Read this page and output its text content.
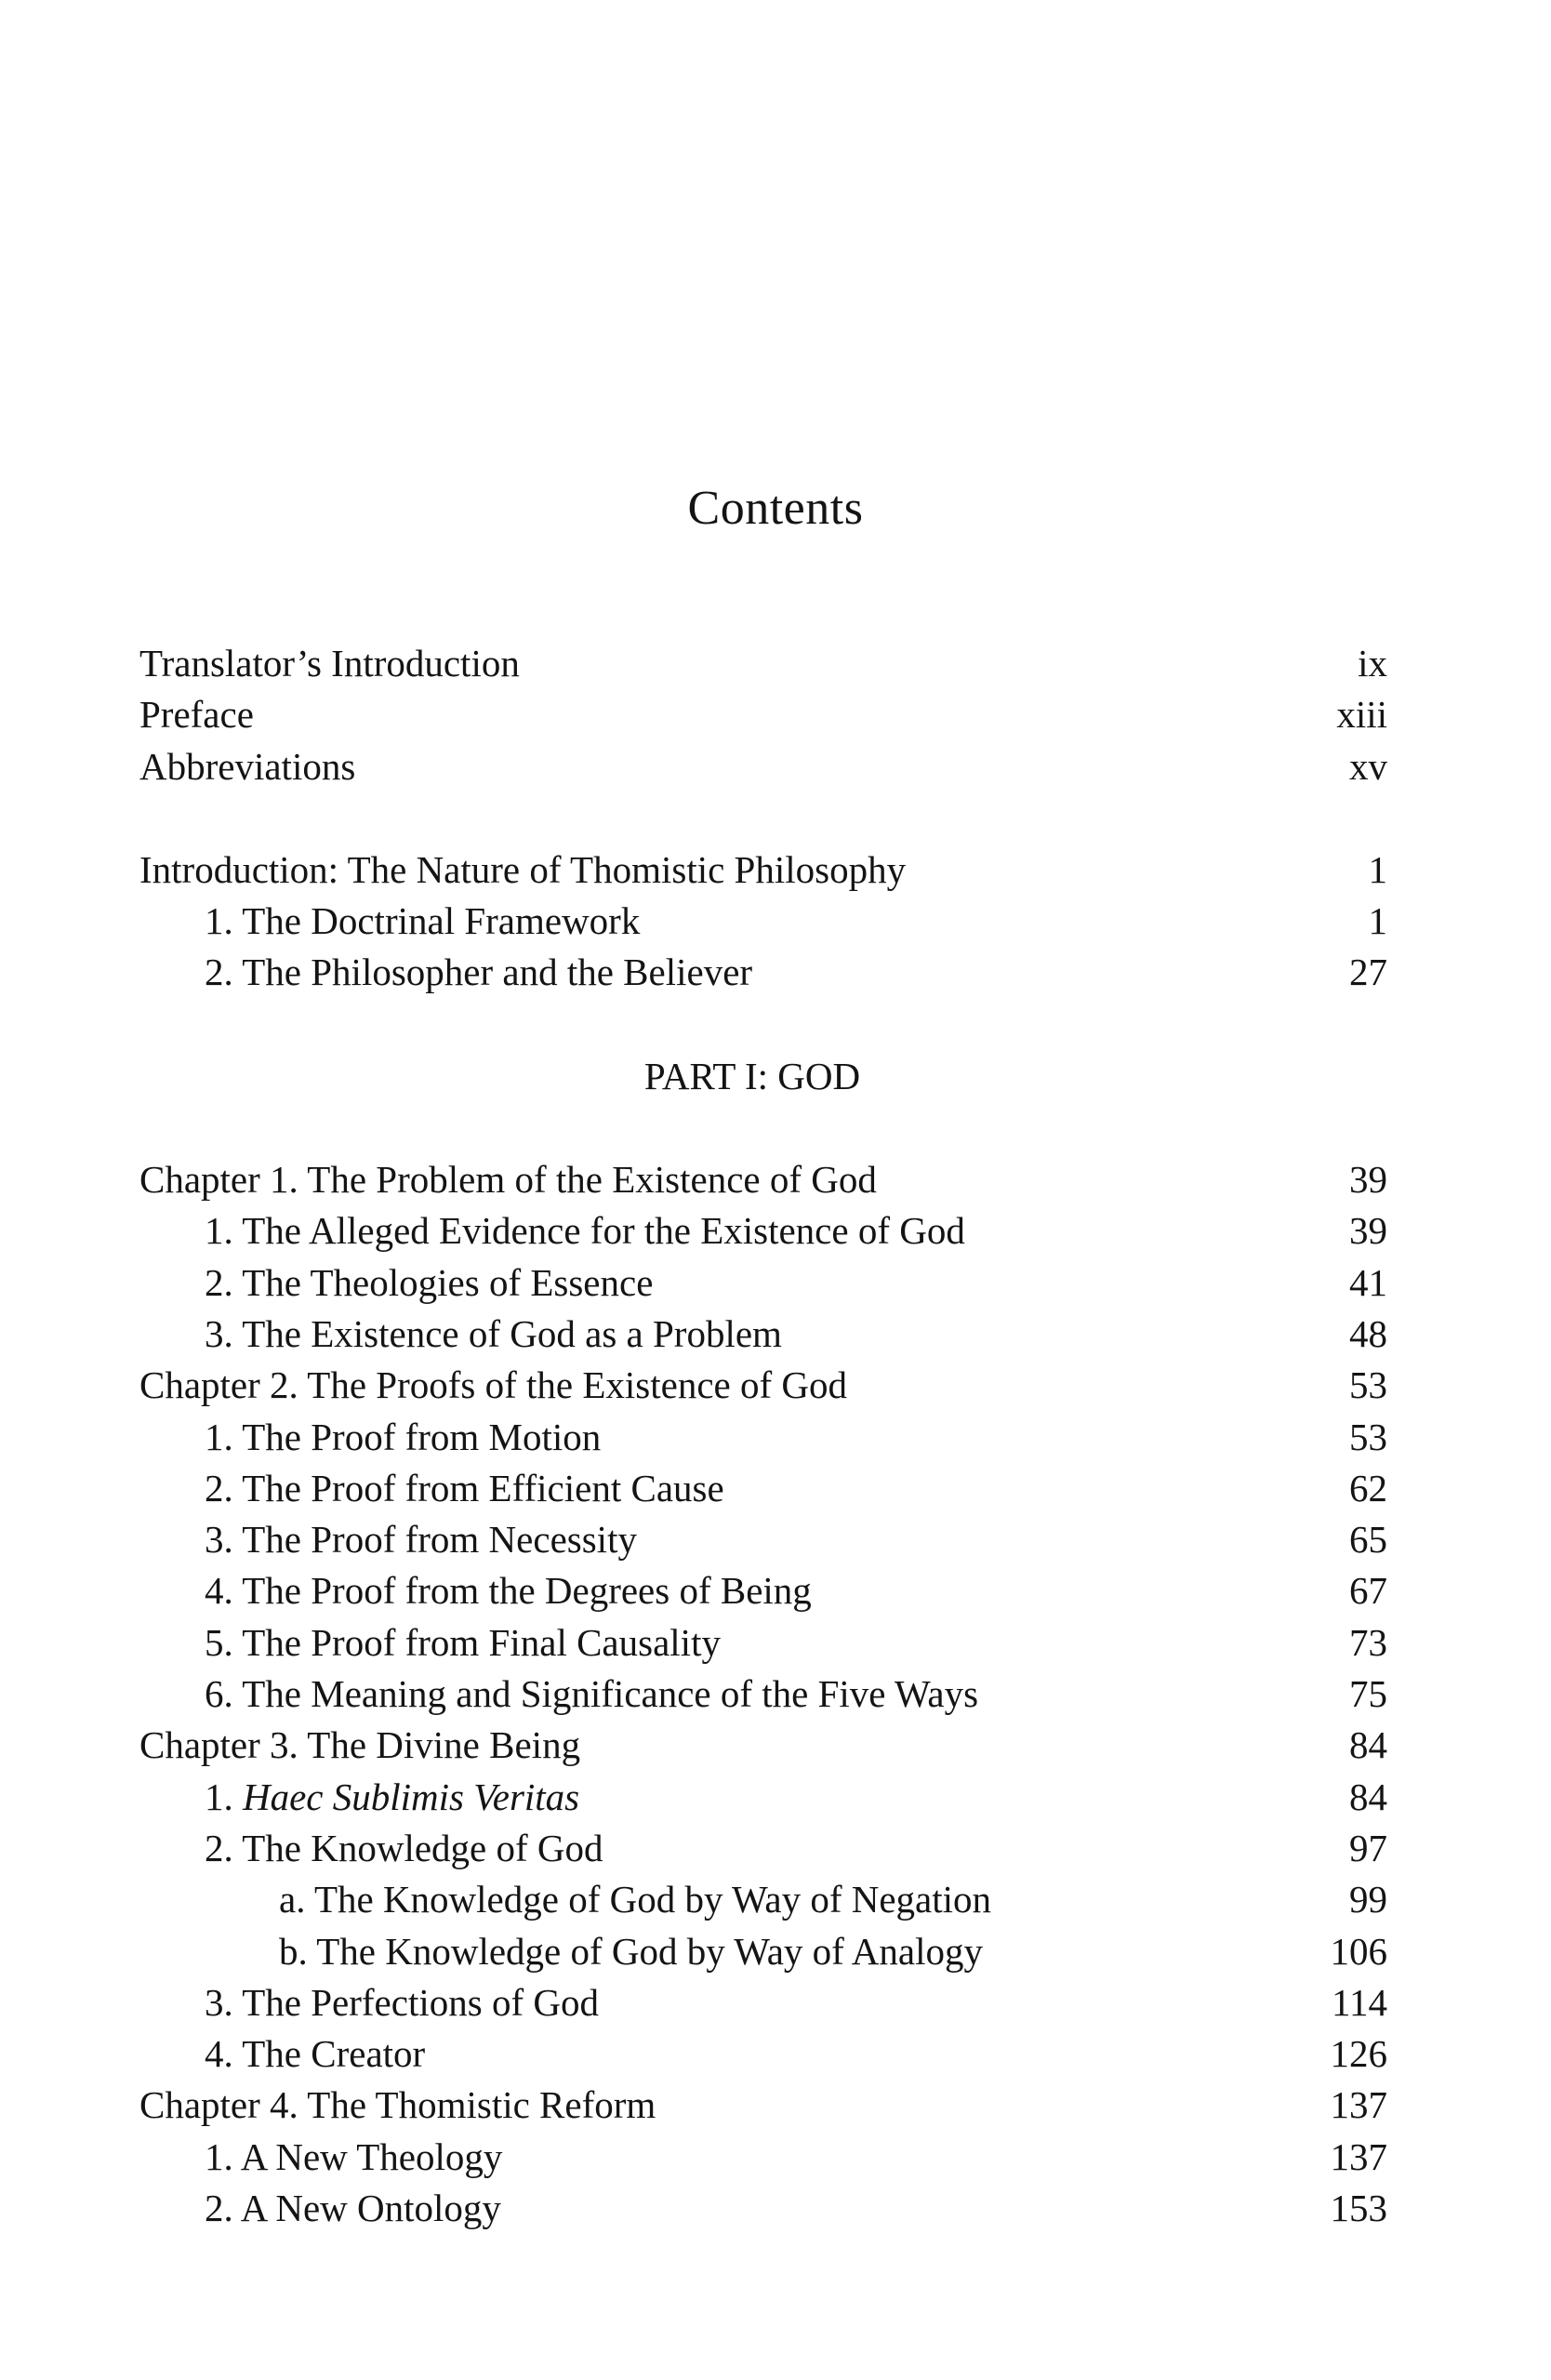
Contents
Translator’s Introduction	ix
Preface	xiii
Abbreviations	xv
Introduction: The Nature of Thomistic Philosophy	1
1. The Doctrinal Framework	1
2. The Philosopher and the Believer	27
PART I: GOD
Chapter 1. The Problem of the Existence of God	39
1. The Alleged Evidence for the Existence of God	39
2. The Theologies of Essence	41
3. The Existence of God as a Problem	48
Chapter 2. The Proofs of the Existence of God	53
1. The Proof from Motion	53
2. The Proof from Efficient Cause	62
3. The Proof from Necessity	65
4. The Proof from the Degrees of Being	67
5. The Proof from Final Causality	73
6. The Meaning and Significance of the Five Ways	75
Chapter 3. The Divine Being	84
1. Haec Sublimis Veritas	84
2. The Knowledge of God	97
a. The Knowledge of God by Way of Negation	99
b. The Knowledge of God by Way of Analogy	106
3. The Perfections of God	114
4. The Creator	126
Chapter 4. The Thomistic Reform	137
1. A New Theology	137
2. A New Ontology	153
